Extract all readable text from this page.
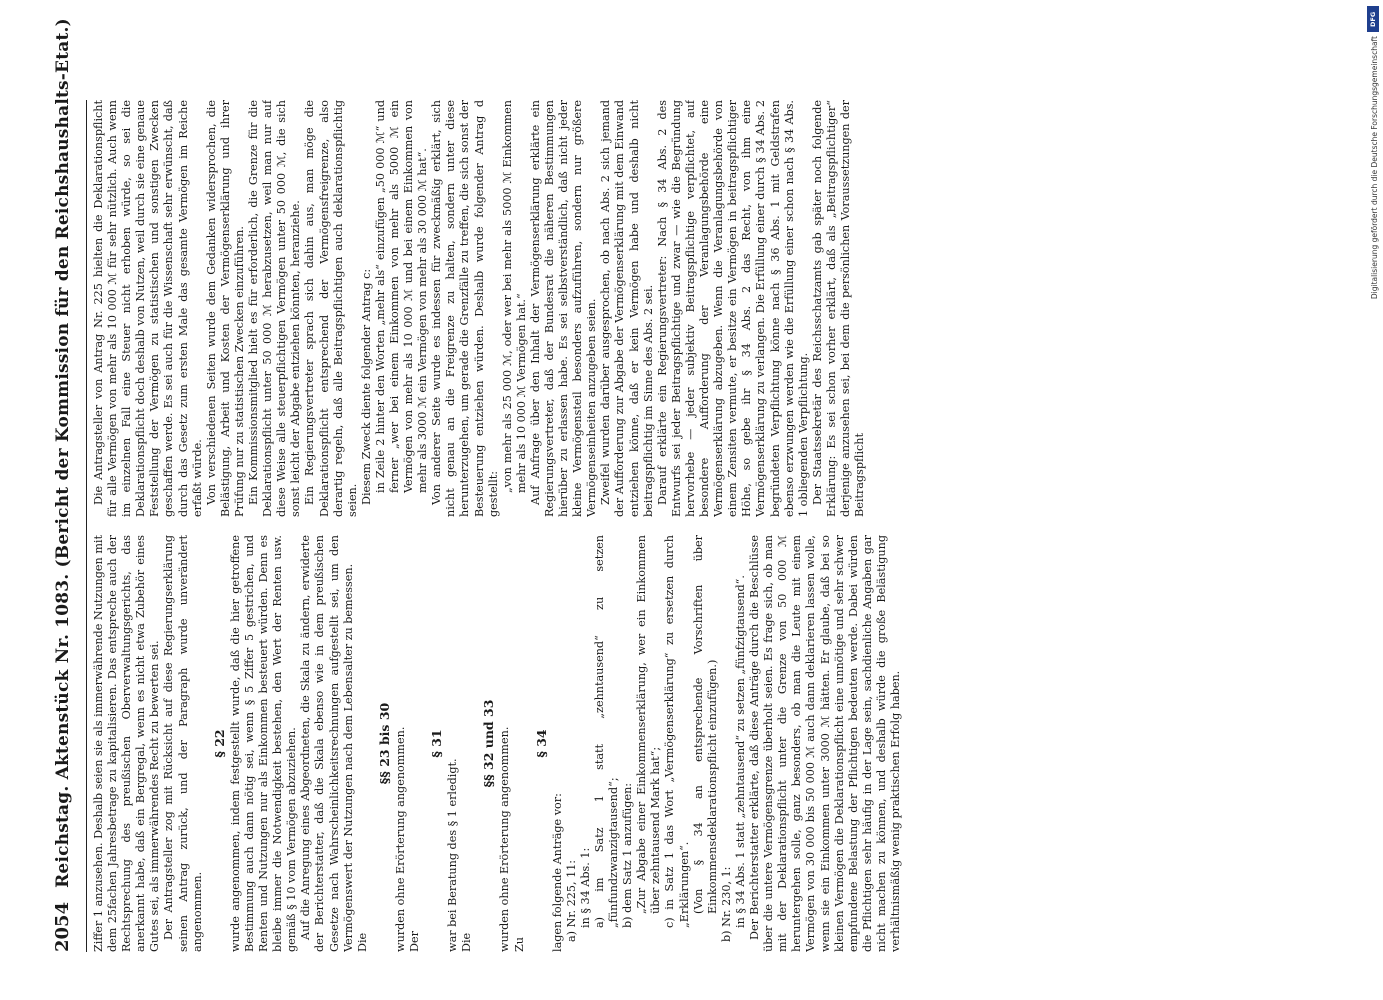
DFG
Digitalisierung gefördert durch die Deutsche Forschungsgemeinschaft
2054
Reichstag. Aktenstück Nr. 1083. (Bericht der Kommission für den Reichshaushalts-Etat.) Ziffer 1 anzusehen. Deshalb seien sie als immerwährende Nutzungen mit dem 25fachen Jahresbetrage zu kapitalisieren. Das entspreche auch der Rechtsprechung des preußischen Oberverwaltungsgerichts, das anerkannt habe, daß ein Bergregal, wenn es nicht etwa Zubehör eines Gutes sei, als immerwährendes Recht zu bewerten sei. Der Antragsteller zog mit Rücksicht auf diese Regierungserklärung seinen Antrag zurück, und der Paragraph wurde unverändert angenommen.

§ 22 wurde angenommen, indem festgestellt wurde, daß die hier getroffene Bestimmung auch dann nötig sei, wenn § 5 Ziffer 5 gestrichen, und Renten und Nutzungen nur als Einkommen besteuert würden. Denn es bleibe immer die Notwendigkeit bestehen, den Wert der Renten usw. gemäß § 10 vom Vermögen abzuziehen. Auf die Anregung eines Abgeordneten, die Skala zu ändern, erwiderte der Berichterstatter, daß die Skala ebenso wie in dem preußischen Gesetze nach Wahrscheinlichkeitsrechnungen aufgestellt sei, um den Vermögenswert der Nutzungen nach dem Lebensalter zu bemessen. Die

§§ 23 bis 30 wurden ohne Erörterung angenommen. Der

§ 31

war bei Beratung des § 1 erledigt. Die

§§ 32 und 33 wurden ohne Erörterung angenommen. Zu

§ 34

lagen folgende Anträge vor: a) Nr. 225, 11: in § 34 Abs. 1: a) im Satz 1 statt „zehntausend“ zu setzen „fünfundzwanzigtausend“; b) dem Satz 1 anzufügen: „Zur Abgabe einer Einkommenserklärung, wer ein Einkommen über zehntausend Mark hat“; c) in Satz 1 das Wort „Vermögenserklärung“ zu ersetzen durch „Erklärungen“. (Von § 34 an entsprechende Vorschriften über Einkommensdeklarationspflicht einzufügen.) b) Nr. 230, 1: in § 34 Abs. 1 statt „zehntausend“ zu setzen „fünfzigtausend“. Der Berichterstatter erklärte, daß diese Anträge durch die Beschlüsse über die untere Vermögensgrenze überholt seien. Es frage sich, ob man mit der Deklarationspflicht unter die Grenze von 50 000 ℳ heruntergehen solle, ganz besonders, ob man die Leute mit einem Vermögen von 30 000 bis 50 000 ℳ auch dann deklarieren lassen wolle, wenn sie ein Einkommen unter 3000 ℳ hätten. Er glaube, daß bei so kleinen Vermögen die Deklarationspflicht eine unnötige und sehr schwer empfundene Belastung der Pflichtigen bedeuten werde. Dabei würden die Pflichtigen sehr häufig in der Lage sein, sachdienliche Angaben gar nicht machen zu können, und deshalb würde die große Belästigung verhältnismäßig wenig praktischen Erfolg haben.

Die Antragsteller von Antrag Nr. 225 hielten die Deklarationspflicht für alle Vermögen von mehr als 10 000 ℳ für sehr nützlich. Auch wenn im einzelnen Fall eine Steuer nicht erhoben würde, so sei die Deklarationspflicht doch deshalb von Nutzen, weil durch sie eine genaue Feststellung der Vermögen zu statistischen und sonstigen Zwecken geschaffen werde. Es sei auch für die Wissenschaft sehr erwünscht, daß durch das Gesetz zum ersten Male das gesamte Vermögen im Reiche erfaßt würde. Von verschiedenen Seiten wurde dem Gedanken widersprochen, die Belästigung, Arbeit und Kosten der Vermögenserklärung und ihrer Prüfung nur zu statistischen Zwecken einzuführen. Ein Kommissionsmitglied hielt es für erforderlich, die Grenze für die Deklarationspflicht unter 50 000 ℳ herabzusetzen, weil man nur auf diese Weise alle steuerpflichtigen Vermögen unter 50 000 ℳ, die sich sonst leicht der Abgabe entziehen könnten, heranziehe. Ein Regierungsvertreter sprach sich dahin aus, man möge die Deklarationspflicht entsprechend der Vermögensfreigrenze, also derartig regeln, daß alle Beitragspflichtigen auch deklarationspflichtig seien. Diesem Zweck diente folgender Antrag c: in Zeile 2 hinter den Worten „mehr als“ einzufügen „50 000 ℳ“ und ferner „wer bei einem Einkommen von mehr als 5000 ℳ ein Vermögen von mehr als 10 000 ℳ und bei einem Einkommen von mehr als 3000 ℳ ein Vermögen von mehr als 30 000 ℳ hat“. Von anderer Seite wurde es indessen für zweckmäßig erklärt, sich nicht genau an die Freigrenze zu halten, sondern unter diese herunterzugehen, um gerade die Grenzfälle zu treffen, die sich sonst der Besteuerung entziehen würden. Deshalb wurde folgender Antrag d gestellt:

„von mehr als 25 000 ℳ, oder wer bei mehr als 5000 ℳ Einkommen mehr als 10 000 ℳ Vermögen hat.“ Auf Anfrage über den Inhalt der Vermögenserklärung erklärte ein Regierungsvertreter, daß der Bundesrat die näheren Bestimmungen hierüber zu erlassen habe. Es sei selbstverständlich, daß nicht jeder kleine Vermögensteil besonders aufzuführen, sondern nur größere Vermögenseinheiten anzugeben seien. Zweifel wurden darüber ausgesprochen, ob nach Abs. 2 sich jemand der Aufforderung zur Abgabe der Vermögenserklärung mit dem Einwand entziehen könne, daß er kein Vermögen habe und deshalb nicht beitragspflichtig im Sinne des Abs. 2 sei. Darauf erklärte ein Regierungsvertreter: Nach § 34 Abs. 2 des Entwurfs sei jeder Beitragspflichtige und zwar — wie die Begründung hervorhebe — jeder subjektiv Beitragspflichtige verpflichtet, auf besondere Aufforderung der Veranlagungsbehörde eine Vermögenserklärung abzugeben. Wenn die Veranlagungsbehörde von einem Zensiten vermute, er besitze ein Vermögen in beitragspflichtiger Höhe, so gebe ihr § 34 Abs. 2 das Recht, von ihm eine Vermögenserklärung zu verlangen. Die Erfüllung einer durch § 34 Abs. 2 begründeten Verpflichtung könne nach § 36 Abs. 1 mit Geldstrafen ebenso erzwungen werden wie die Erfüllung einer schon nach § 34 Abs. 1 obliegenden Verpflichtung. Der Staatssekretär des Reichsschatzamts gab später noch folgende Erklärung: Es sei schon vorher erklärt, daß als „Beitragspflichtiger“ derjenige anzusehen sei, bei dem die persönlichen Voraussetzungen der Beitragspflicht
